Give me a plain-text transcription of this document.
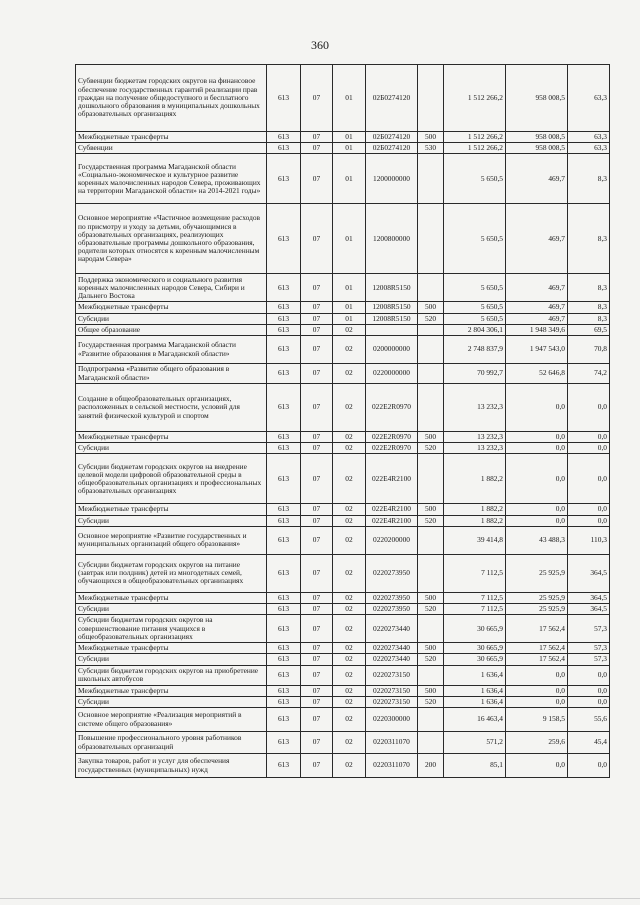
360
Субвенции бюджетам городских округов на финансовое обеспечение государственных гарантий реализации прав граждан на получение общедоступного и бесплатного дошкольного образования в муниципальных дошкольных образовательных организациях	613	07	01	02Б0274120		1 512 266,2	958 008,5	63,3
Межбюджетные трансферты	613	07	01	02Б0274120	500	1 512 266,2	958 008,5	63,3
Субвенции	613	07	01	02Б0274120	530	1 512 266,2	958 008,5	63,3
Государственная программа Магаданской области «Социально-экономическое и культурное развитие коренных малочисленных народов Севера, проживающих на территории Магаданской области» на 2014-2021 годы»	613	07	01	1200000000		5 650,5	469,7	8,3
Основное мероприятие «Частичное возмещение расходов по присмотру и уходу за детьми, обучающимися в образовательных организациях, реализующих образовательные программы дошкольного образования, родители которых относятся к коренным малочисленным народам Севера»	613	07	01	1200800000		5 650,5	469,7	8,3
Поддержка экономического и социального развития коренных малочисленных народов Севера, Сибири и Дальнего Востока	613	07	01	12008R5150		5 650,5	469,7	8,3
Межбюджетные трансферты	613	07	01	12008R5150	500	5 650,5	469,7	8,3
Субсидии	613	07	01	12008R5150	520	5 650,5	469,7	8,3
Общее образование	613	07	02			2 804 306,1	1 948 349,6	69,5
Государственная программа Магаданской области «Развитие образования в Магаданской области»	613	07	02	0200000000		2 748 837,9	1 947 543,0	70,8
Подпрограмма «Развитие общего образования в Магаданской области»	613	07	02	0220000000		70 992,7	52 646,8	74,2
Создание в общеобразовательных организациях, расположенных в сельской местности, условий для занятий физической культурой и спортом	613	07	02	022E2R0970		13 232,3	0,0	0,0
Межбюджетные трансферты	613	07	02	022E2R0970	500	13 232,3	0,0	0,0
Субсидии	613	07	02	022E2R0970	520	13 232,3	0,0	0,0
Субсидии бюджетам городских округов на внедрение целевой модели цифровой образовательной среды в общеобразовательных организациях и профессиональных образовательных организациях	613	07	02	022E4R2100		1 882,2	0,0	0,0
Межбюджетные трансферты	613	07	02	022E4R2100	500	1 882,2	0,0	0,0
Субсидии	613	07	02	022E4R2100	520	1 882,2	0,0	0,0
Основное мероприятие «Развитие государственных и муниципальных организаций общего образования»	613	07	02	0220200000		39 414,8	43 488,3	110,3
Субсидии бюджетам городских округов на питание (завтрак или полдник) детей из многодетных семей, обучающихся в общеобразовательных организациях	613	07	02	0220273950		7 112,5	25 925,9	364,5
Межбюджетные трансферты	613	07	02	0220273950	500	7 112,5	25 925,9	364,5
Субсидии	613	07	02	0220273950	520	7 112,5	25 925,9	364,5
Субсидии бюджетам городских округов на совершенствование питания учащихся в общеобразовательных организациях	613	07	02	0220273440		30 665,9	17 562,4	57,3
Межбюджетные трансферты	613	07	02	0220273440	500	30 665,9	17 562,4	57,3
Субсидии	613	07	02	0220273440	520	30 665,9	17 562,4	57,3
Субсидии бюджетам городских округов на приобретение школьных автобусов	613	07	02	0220273150		1 636,4	0,0	0,0
Межбюджетные трансферты	613	07	02	0220273150	500	1 636,4	0,0	0,0
Субсидии	613	07	02	0220273150	520	1 636,4	0,0	0,0
Основное мероприятие «Реализация мероприятий в системе общего образования»	613	07	02	0220300000		16 463,4	9 158,5	55,6
Повышение профессионального уровня работников образовательных организаций	613	07	02	0220311070		571,2	259,6	45,4
Закупка товаров, работ и услуг для обеспечения государственных (муниципальных) нужд	613	07	02	0220311070	200	85,1	0,0	0,0
